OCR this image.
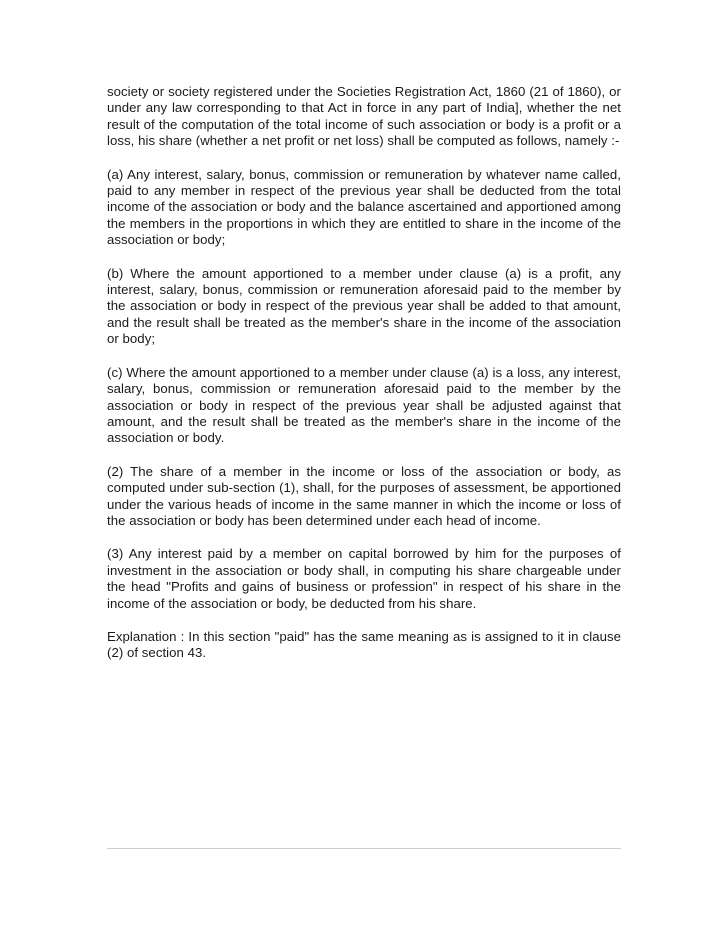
society or society registered under the Societies Registration Act, 1860 (21 of 1860), or under any law corresponding to that Act in force in any part of India], whether the net result of the computation of the total income of such association or body is a profit or a loss, his share (whether a net profit or net loss) shall be computed as follows, namely :-

(a) Any interest, salary, bonus, commission or remuneration by whatever name called, paid to any member in respect of the previous year shall be deducted from the total income of the association or body and the balance ascertained and apportioned among the members in the proportions in which they are entitled to share in the income of the association or body;

(b) Where the amount apportioned to a member under clause (a) is a profit, any interest, salary, bonus, commission or remuneration aforesaid paid to the member by the association or body in respect of the previous year shall be added to that amount, and the result shall be treated as the member's share in the income of the association or body;

(c) Where the amount apportioned to a member under clause (a) is a loss, any interest, salary, bonus, commission or remuneration aforesaid paid to the member by the association or body in respect of the previous year shall be adjusted against that amount, and the result shall be treated as the member's share in the income of the association or body.

(2) The share of a member in the income or loss of the association or body, as computed under sub-section (1), shall, for the purposes of assessment, be apportioned under the various heads of income in the same manner in which the income or loss of the association or body has been determined under each head of income.

(3) Any interest paid by a member on capital borrowed by him for the purposes of investment in the association or body shall, in computing his share chargeable under the head "Profits and gains of business or profession" in respect of his share in the income of the association or body, be deducted from his share.

Explanation : In this section "paid" has the same meaning as is assigned to it in clause (2) of section 43.
